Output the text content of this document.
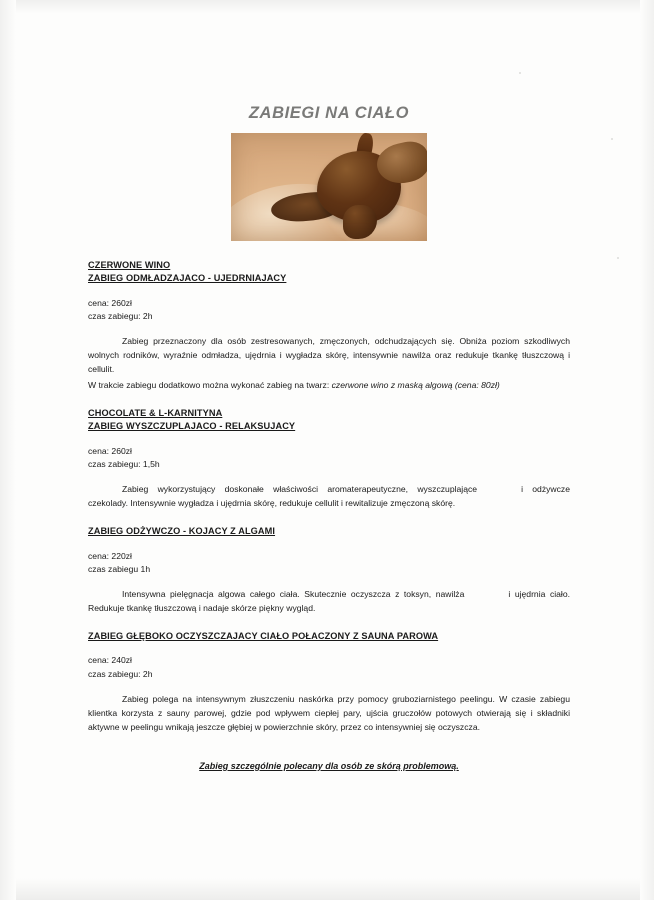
ZABIEGI NA CIAŁO
CZERWONE WINO
ZABIEG ODMŁADZAJACO - UJEDRNIAJACY
cena: 260zł
czas zabiegu: 2h

Zabieg przeznaczony dla osób zestresowanych, zmęczonych, odchudzających się. Obniża poziom szkodliwych wolnych rodników, wyraźnie odmładza, ujędrnia i wygładza skórę, intensywnie nawilża oraz redukuje tkankę tłuszczową i cellulit.

W trakcie zabiegu dodatkowo można wykonać zabieg na twarz: czerwone wino z maską algową (cena: 80zł)

CHOCOLATE & L-KARNITYNA
ZABIEG WYSZCZUPLAJACO - RELAKSUJACY
cena: 260zł
czas zabiegu: 1,5h

Zabieg wykorzystujący doskonałe właściwości aromaterapeutyczne, wyszczuplające	i odżywcze czekolady. Intensywnie wygładza i ujędrnia skórę, redukuje cellulit i rewitalizuje zmęczoną skórę.

ZABIEG ODŻYWCZO - KOJACY Z ALGAMI
cena: 220zł
czas zabiegu 1h

Intensywna pielęgnacja algowa całego ciała. Skutecznie oczyszcza z toksyn, nawilża	i ujędrnia ciało. Redukuje tkankę tłuszczową i nadaje skórze piękny wygląd.

ZABIEG GŁĘBOKO OCZYSZCZAJACY CIAŁO POŁACZONY Z SAUNA PAROWA
cena: 240zł
czas zabiegu: 2h

Zabieg polega na intensywnym złuszczeniu naskórka przy pomocy gruboziarnistego peelingu. W czasie zabiegu klientka korzysta z sauny parowej, gdzie pod wpływem ciepłej pary, ujścia gruczołów potowych otwierają się i składniki aktywne w peelingu wnikają jeszcze głębiej w powierzchnie skóry, przez co intensywniej się oczyszcza.

Zabieg szczególnie polecany dla osób ze skórą problemową.
